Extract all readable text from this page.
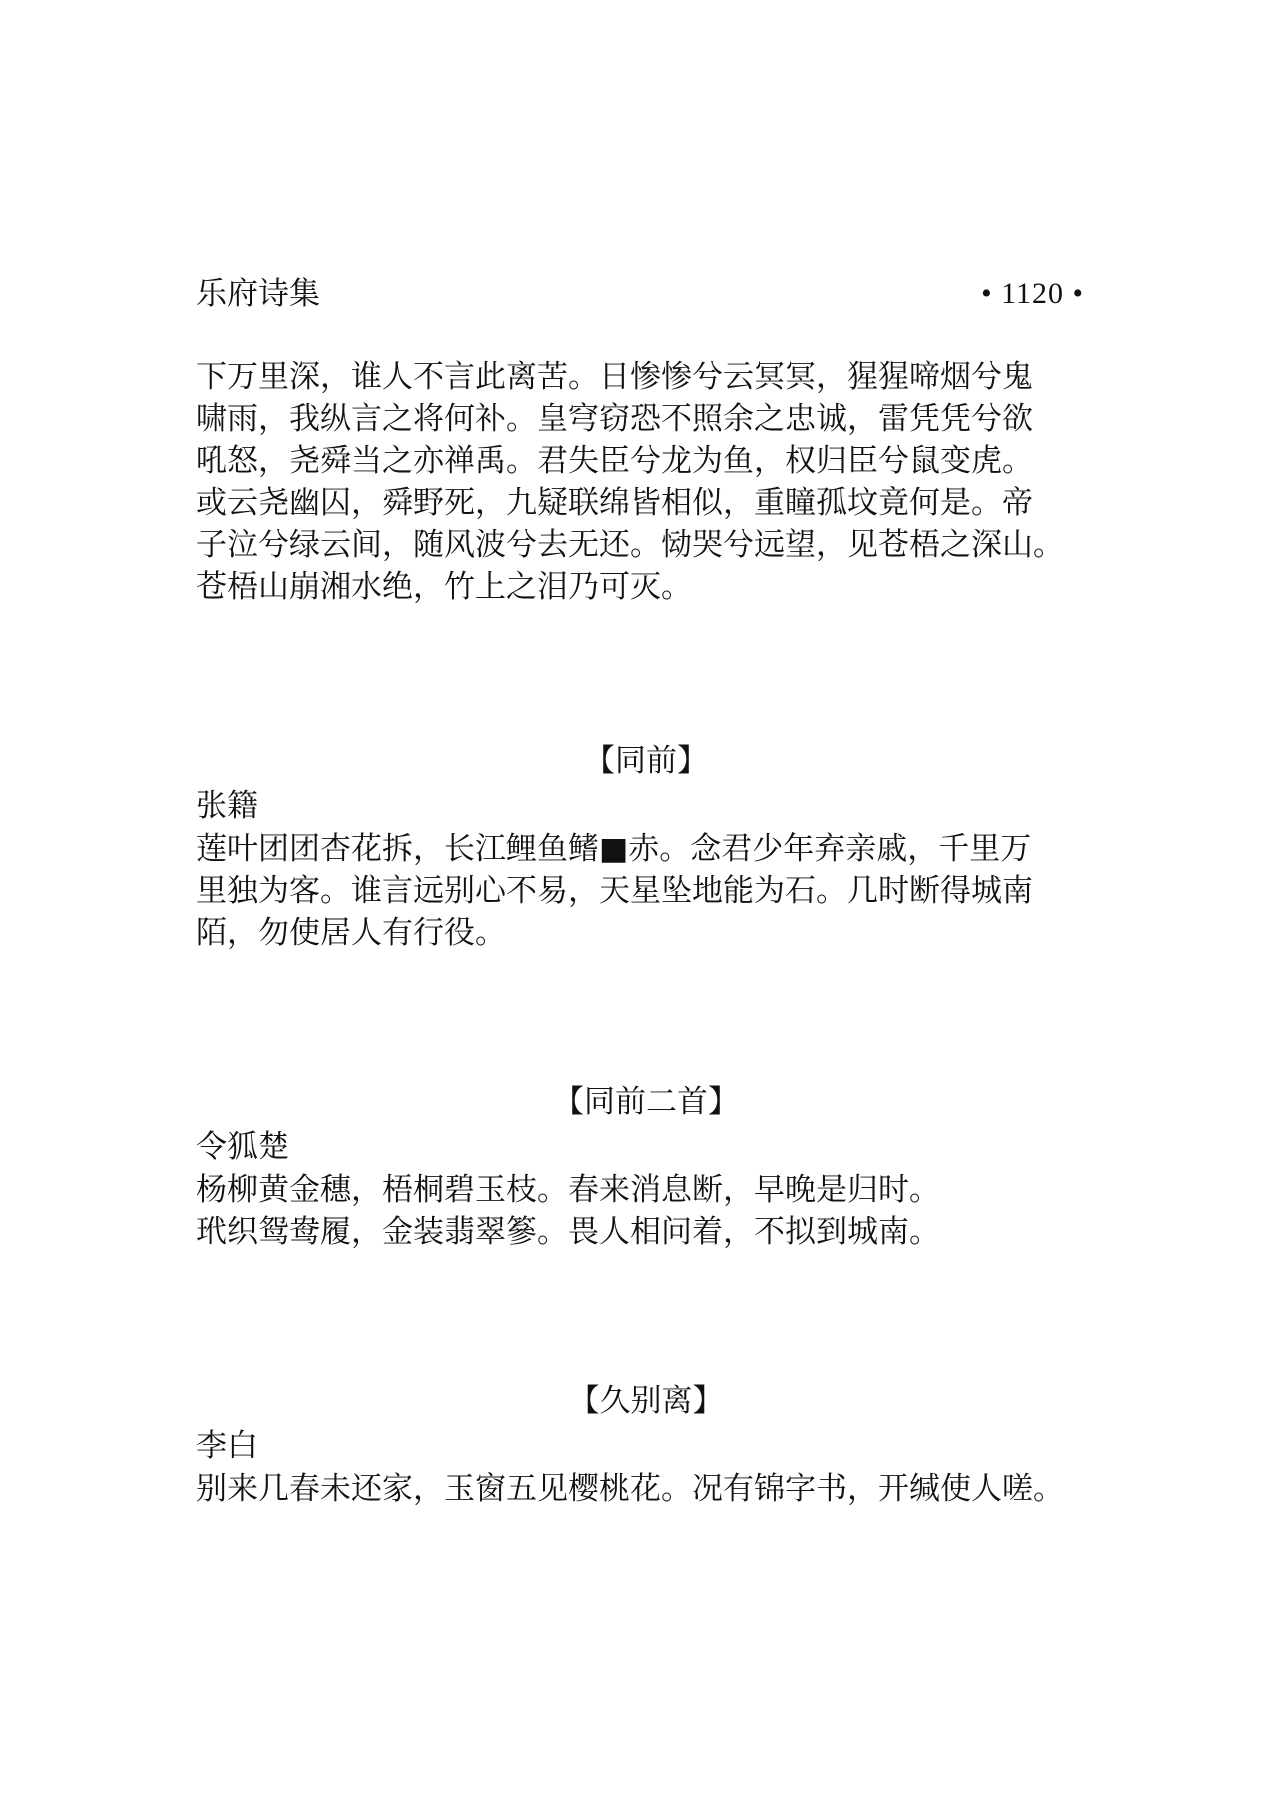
乐府诗集	• 1120 •
下万里深，谁人不言此离苦。日惨惨兮云冥冥，猩猩啼烟兮鬼
啸雨，我纵言之将何补。皇穹窃恐不照余之忠诚，雷凭凭兮欲
吼怒，尧舜当之亦禅禹。君失臣兮龙为鱼，权归臣兮鼠变虎。
或云尧幽囚，舜野死，九疑联绵皆相似，重瞳孤坟竟何是。帝
子泣兮绿云间，随风波兮去无还。恸哭兮远望，见苍梧之深山。
苍梧山崩湘水绝，竹上之泪乃可灭。
【同前】

张籍

莲叶团团杏花拆，长江鲤鱼鳍■赤。念君少年弃亲戚，千里万
里独为客。谁言远别心不易，天星坠地能为石。几时断得城南
陌，勿使居人有行役。
【同前二首】

令狐楚

杨柳黄金穗，梧桐碧玉枝。春来消息断，早晚是归时。
玳织鸳鸯履，金装翡翠篸。畏人相问着，不拟到城南。
【久别离】

李白

别来几春未还家，玉窗五见樱桃花。况有锦字书，开缄使人嗟。
